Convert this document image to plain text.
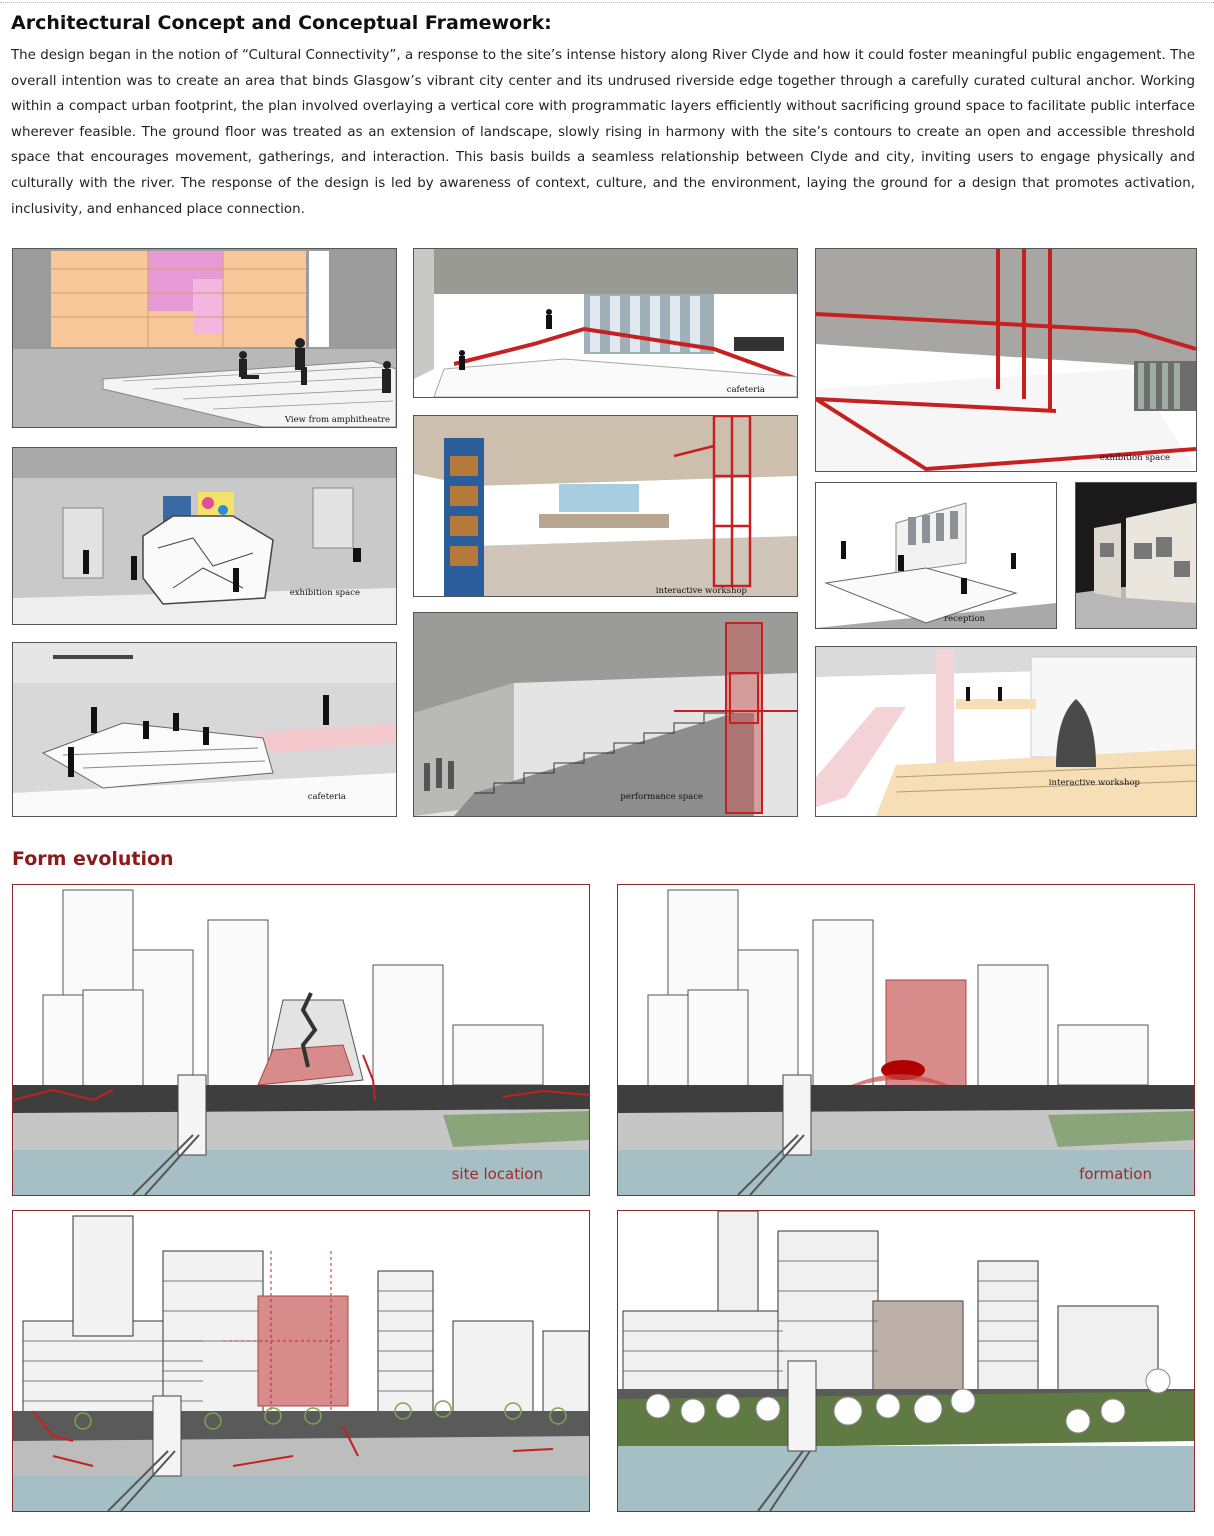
Architectural Concept and Conceptual Framework:

The design began in the notion of “Cultural Connectivity”, a response to the site’s intense history along River Clyde and how it could foster meaningful public engagement. The overall intention was to create an area that binds Glasgow’s vibrant city center and its undrused riverside edge together through a carefully curated cultural anchor. Working within a compact urban footprint, the plan involved overlaying a vertical core with programmatic layers efficiently without sacrificing ground space to facilitate public interface wherever feasible. The ground floor was treated as an extension of landscape, slowly rising in harmony with the site’s contours to create an open and accessible threshold space that encourages movement, gatherings, and interaction. This basis builds a seamless relationship between Clyde and city, inviting users to engage physically and culturally with the river. The response of the design is led by awareness of context, culture, and the environment, laying the ground for a design that promotes activation, inclusivity, and enhanced place connection.

View from amphitheatre
cafeteria
exhibition space
exhibition space	interactive workshop
reception
cafeteria	performance space
interactive workshop
Form evolution
site location	formation
